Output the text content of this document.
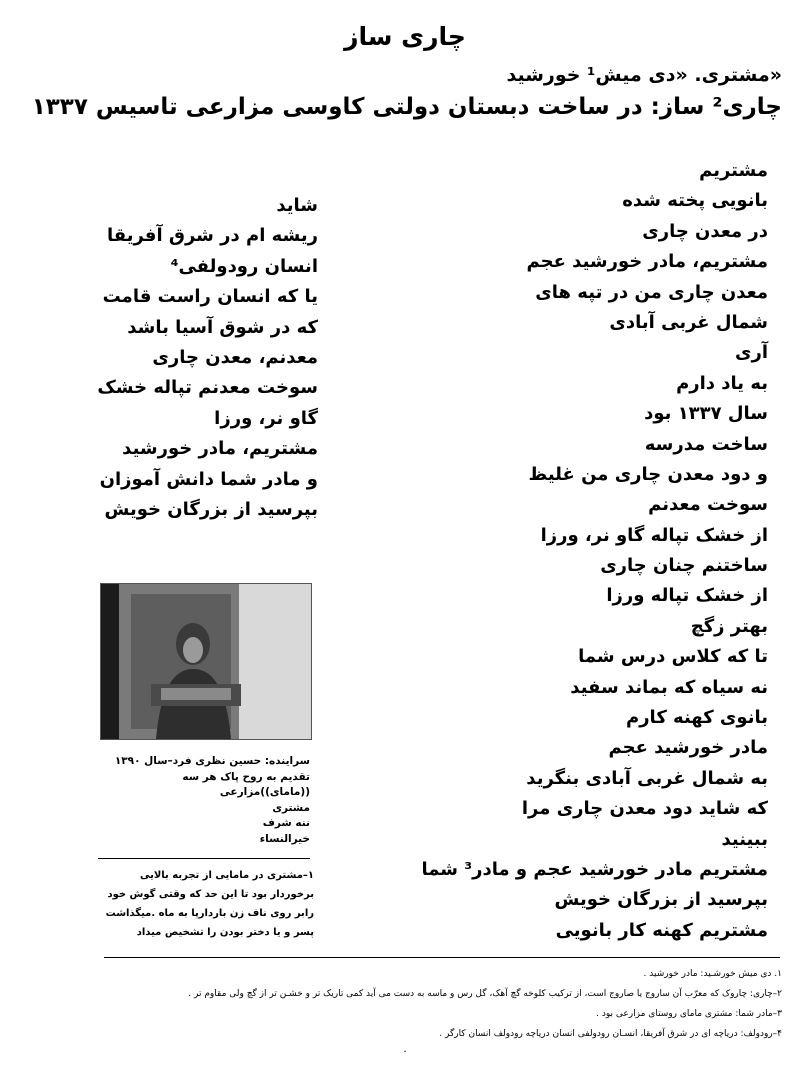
چاری ساز
«مشتری. «دی میش¹ خورشید
چاری² ساز: در ساخت دبستان دولتی کاوسی مزارعی تاسیس ۱۳۳۷
مشتریم
بانویی پخته شده
در معدن چاری
مشتریم، مادر خورشید عجم
معدن چاری من در تپه های
شمال غربی آبادی
آری
به یاد دارم
سال ۱۳۳۷ بود
ساخت مدرسه
و دود معدن چاری من غلیظ
سوخت معدنم
از خشک تپاله گاو نر، ورزا
ساختنم چنان چاری
از خشک تپاله ورزا
بهتر زگچ
تا که کلاس درس شما
نه سیاه که بماند سفید
بانوی کهنه کارم
مادر خورشید عجم
به شمال غربی آبادی بنگرید
که شاید دود معدن چاری مرا
ببینید
مشتریم مادر خورشید عجم و مادر³ شما
بپرسید از بزرگان خویش
مشتریم کهنه کار بانویی
شاید
ریشه ام در شرق آفریقا
انسان رودولفی⁴
یا که انسان راست قامت
که در شوق آسیا باشد
معدنم، معدن چاری
سوخت معدنم تپاله خشک
گاو نر، ورزا
مشتریم، مادر خورشید
و مادر شما دانش آموزان
بپرسید از بزرگان خویش
سراینده: حسین نظری فرد–سال ۱۳۹۰
تقدیم به روح پاک هر سه ((مامای))مزارعی
مشتری
ننه شرف
خیرالنساء

۱–مشتری در مامایی از تجربه بالایی برخوردار بود تا این حد که وقتی گوش خود رابر روی ناف زن باردارپا به ماه .میگذاشت پسر و یا دختر بودن را تشخیص میداد

۱. دی میش خورشـید: مادر خورشید .
۲–چاری: چاروک که معرّب آن ساروج یا صاروج است، از ترکیب کلوخه گچ آهک، گل رس و ماسه به دست می آید کمی تاریک تر و خشـن تر از گچ ولی مقاوم تر .
۳–مادر شما: مشتری مامای روستای مزارعی بود .
۴–رودولف: دریاچه ای در شرق آفریقا، انسـان رودولفی انسان دریاچه رودولف انسان کارگر .
۰
